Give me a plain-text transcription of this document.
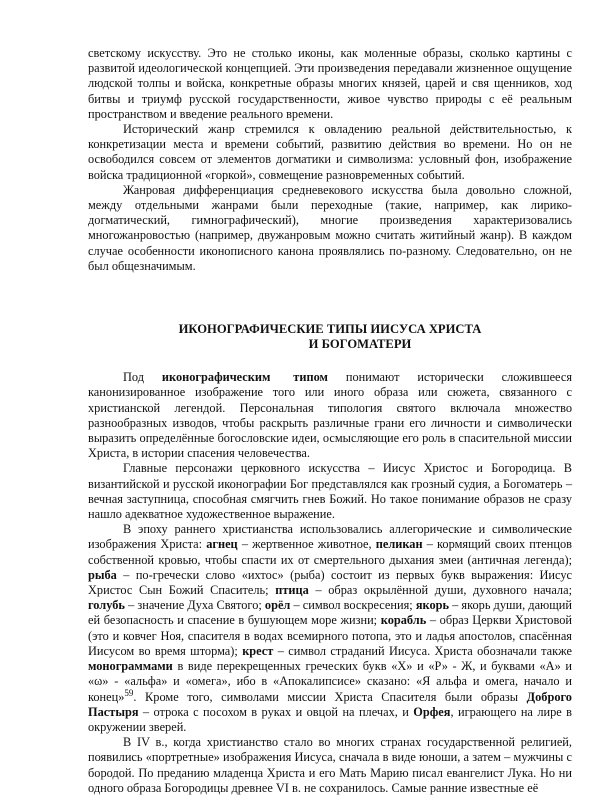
светскому искусству. Это не столько иконы, как моленные образы, сколько картины с развитой идеологической концепцией. Эти произведения передавали жизненное ощущение людской толпы и войска, конкретные образы многих князей, царей и свя щенников, ход битвы и триумф русской государственности, живое чувство природы с её реальным пространством и введение реального времени.

Исторический жанр стремился к овладению реальной действительностью, к конкретизации места и времени событий, развитию действия во времени. Но он не освободился совсем от элементов догматики и символизма: условный фон, изображение войска традиционной «горкой», совмещение разновременных событий.

Жанровая дифференциация средневекового искусства была довольно сложной, между отдельными жанрами были переходные (такие, например, как лирико-догматический, гимнографический), многие произведения характеризовались многожанровостью (например, двужанровым можно считать житийный жанр). В каждом случае особенности иконописного канона проявлялись по-разному. Следовательно, он не был общезначимым.

ИКОНОГРАФИЧЕСКИЕ ТИПЫ ИИСУСА ХРИСТА
И БОГОМАТЕРИ

Под иконографическим типом понимают исторически сложившееся канонизированное изображение того или иного образа или сюжета, связанного с христианской легендой. Персональная типология святого включала множество разнообразных изводов, чтобы раскрыть различные грани его личности и символически выразить определённые богословские идеи, осмысляющие его роль в спасительной миссии Христа, в истории спасения человечества.

Главные персонажи церковного искусства – Иисус Христос и Богородица. В византийской и русской иконографии Бог представлялся как грозный судия, а Богоматерь – вечная заступница, способная смягчить гнев Божий. Но такое понимание образов не сразу нашло адекватное художественное выражение.

В эпоху раннего христианства использовались аллегорические и символические изображения Христа: агнец – жертвенное животное, пеликан – кормящий своих птенцов собственной кровью, чтобы спасти их от смертельного дыхания змеи (античная легенда); рыба – по-гречески слово «ихтос» (рыба) состоит из первых букв выражения: Иисус Христос Сын Божий Спаситель; птица – образ окрылённой души, духовного начала; голубь – значение Духа Святого; орёл – символ воскресения; якорь – якорь души, дающий ей безопасность и спасение в бушующем море жизни; корабль – образ Церкви Христовой (это и ковчег Ноя, спасителя в водах всемирного потопа, это и ладья апостолов, спасённая Иисусом во время шторма); крест – символ страданий Иисуса. Христа обозначали также монограммами в виде перекрещенных греческих букв «Х» и «Р» - Ж, и буквами «А» и «ω» - «альфа» и «омега», ибо в «Апокалипсисе» сказано: «Я альфа и омега, начало и конец»$^{59}$. Кроме того, символами миссии Христа Спасителя были образы Доброго Пастыря – отрока с посохом в руках и овцой на плечах, и Орфея, играющего на лире в окружении зверей.

В IV в., когда христианство стало во многих странах государственной религией, появились «портретные» изображения Иисуса, сначала в виде юноши, а затем – мужчины с бородой. По преданию младенца Христа и его Мать Марию писал евангелист Лука. Но ни одного образа Богородицы древнее VI в. не сохранилось. Самые ранние известные её
